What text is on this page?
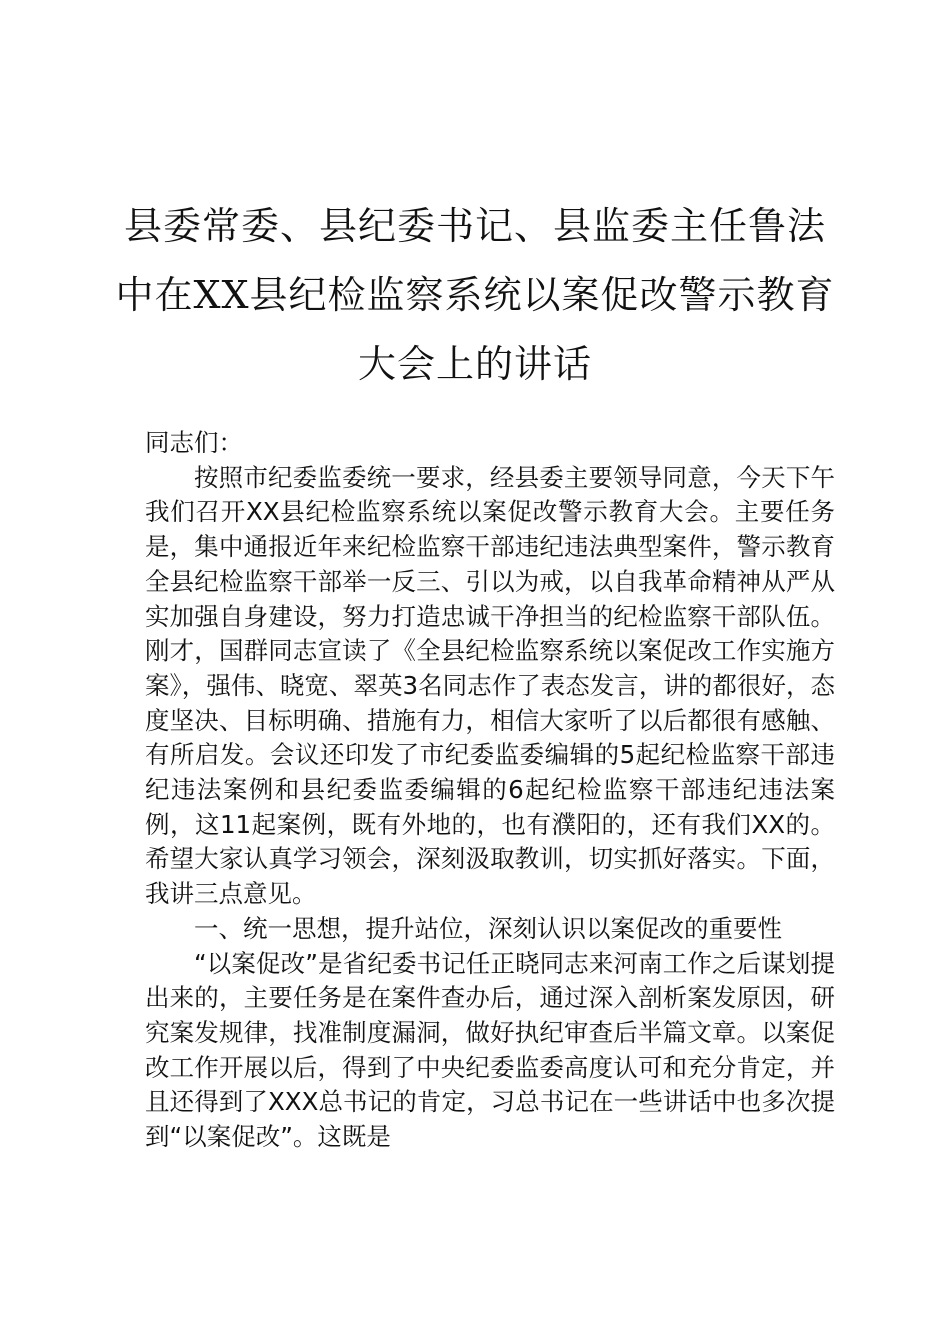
县委常委、县纪委书记、县监委主任鲁法
中在XX县纪检监察系统以案促改警示教育
大会上的讲话

同志们：

按照市纪委监委统一要求，经县委主要领导同意，今天下午我们召开XX县纪检监察系统以案促改警示教育大会。主要任务是，集中通报近年来纪检监察干部违纪违法典型案件，警示教育全县纪检监察干部举一反三、引以为戒，以自我革命精神从严从实加强自身建设，努力打造忠诚干净担当的纪检监察干部队伍。刚才，国群同志宣读了《全县纪检监察系统以案促改工作实施方案》，强伟、晓宽、翠英3名同志作了表态发言，讲的都很好，态度坚决、目标明确、措施有力，相信大家听了以后都很有感触、有所启发。会议还印发了市纪委监委编辑的5起纪检监察干部违纪违法案例和县纪委监委编辑的6起纪检监察干部违纪违法案例，这11起案例，既有外地的，也有濮阳的，还有我们XX的。希望大家认真学习领会，深刻汲取教训，切实抓好落实。下面，我讲三点意见。

一、统一思想，提升站位，深刻认识以案促改的重要性

“以案促改”是省纪委书记任正晓同志来河南工作之后谋划提出来的，主要任务是在案件查办后，通过深入剖析案发原因，研究案发规律，找准制度漏洞，做好执纪审查后半篇文章。以案促改工作开展以后，得到了中央纪委监委高度认可和充分肯定，并且还得到了XXX总书记的肯定，习总书记在一些讲话中也多次提到“以案促改”。这既是
